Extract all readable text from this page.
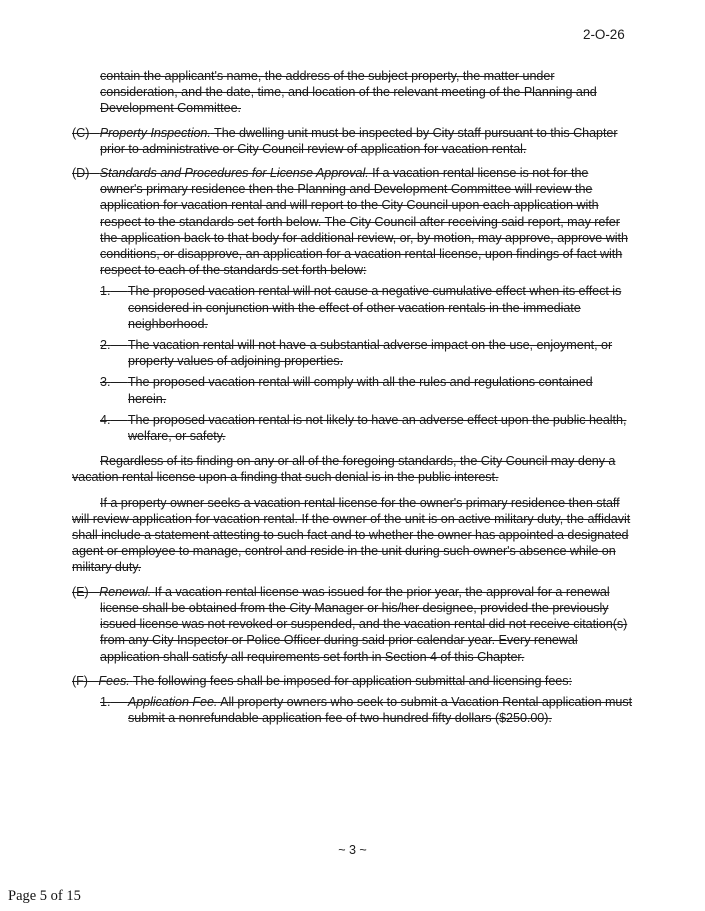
2-O-26

contain the applicant's name, the address of the subject property, the matter under consideration, and the date, time, and location of the relevant meeting of the Planning and Development Committee.

(C) Property Inspection. The dwelling unit must be inspected by City staff pursuant to this Chapter prior to administrative or City Council review of application for vacation rental.

(D) Standards and Procedures for License Approval. If a vacation rental license is not for the owner's primary residence then the Planning and Development Committee will review the application for vacation rental and will report to the City Council upon each application with respect to the standards set forth below. The City Council after receiving said report, may refer the application back to that body for additional review, or, by motion, may approve, approve with conditions, or disapprove, an application for a vacation rental license, upon findings of fact with respect to each of the standards set forth below:

1. The proposed vacation rental will not cause a negative cumulative effect when its effect is considered in conjunction with the effect of other vacation rentals in the immediate neighborhood.

2. The vacation rental will not have a substantial adverse impact on the use, enjoyment, or property values of adjoining properties.

3. The proposed vacation rental will comply with all the rules and regulations contained herein.

4. The proposed vacation rental is not likely to have an adverse effect upon the public health, welfare, or safety.

Regardless of its finding on any or all of the foregoing standards, the City Council may deny a vacation rental license upon a finding that such denial is in the public interest.

If a property owner seeks a vacation rental license for the owner's primary residence then staff will review application for vacation rental. If the owner of the unit is on active military duty, the affidavit shall include a statement attesting to such fact and to whether the owner has appointed a designated agent or employee to manage, control and reside in the unit during such owner's absence while on military duty.

(E) Renewal. If a vacation rental license was issued for the prior year, the approval for a renewal license shall be obtained from the City Manager or his/her designee, provided the previously issued license was not revoked or suspended, and the vacation rental did not receive citation(s) from any City Inspector or Police Officer during said prior calendar year. Every renewal application shall satisfy all requirements set forth in Section 4 of this Chapter.

(F) Fees. The following fees shall be imposed for application submittal and licensing fees:

1. Application Fee. All property owners who seek to submit a Vacation Rental application must submit a nonrefundable application fee of two hundred fifty dollars ($250.00).

~ 3 ~
Page 5 of 15
